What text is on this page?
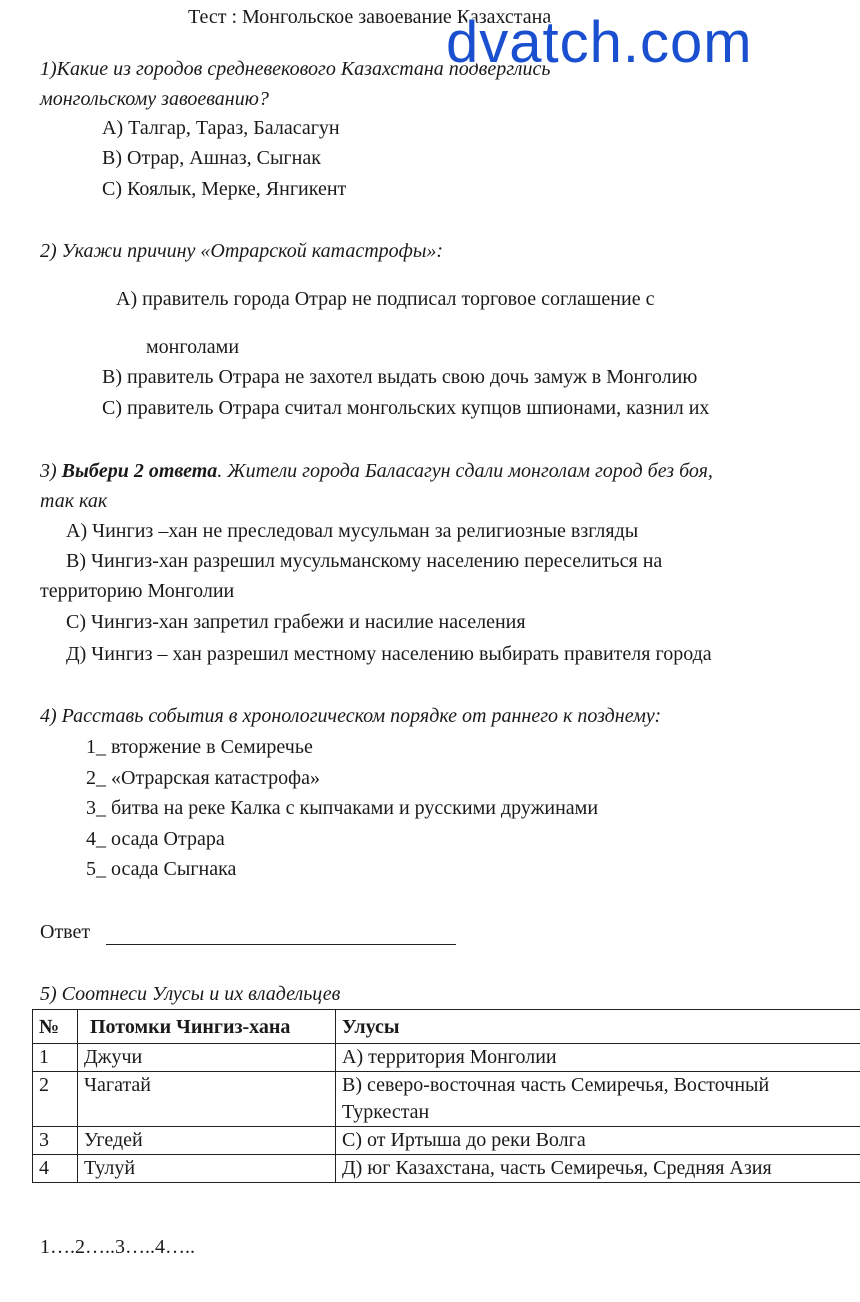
Тест : Монгольское завоевание Казахстана
1)Какие из городов средневекового Казахстана подверглись
монгольскому завоеванию?
А) Талгар, Тараз, Баласагун
В) Отрар, Ашназ, Сыгнак
С) Коялык, Мерке, Янгикент
2) Укажи причину «Отрарской катастрофы»:
А) правитель города Отрар не подписал торговое соглашение с
монголами
В) правитель Отрара не захотел выдать свою дочь замуж в Монголию
С) правитель Отрара считал монгольских купцов шпионами, казнил их
3) Выбери 2 ответа. Жители города Баласагун сдали монголам город без боя,
так как
А) Чингиз –хан не преследовал мусульман за религиозные взгляды
В) Чингиз-хан разрешил мусульманскому населению переселиться на
территорию Монголии
С) Чингиз-хан запретил грабежи и насилие населения
Д) Чингиз – хан разрешил местному населению выбирать правителя города
4) Расставь события в хронологическом порядке от раннего к позднему:
1_ вторжение в Семиречье
2_ «Отрарская катастрофа»
3_ битва на реке Калка с кыпчаками и русскими дружинами
4_ осада Отрара
5_ осада Сыгнака
Ответ
5) Соотнеси Улусы и их владельцев
№	Потомки Чингиз-хана	Улусы
1	Джучи	А) территория Монголии
2	Чагатай	В) северо-восточная часть Семиречья, Восточный Туркестан
3	Угедей	С) от Иртыша до реки Волга
4	Тулуй	Д) юг Казахстана, часть Семиречья, Средняя Азия
1….2…..3…..4…..
dvatch.com
